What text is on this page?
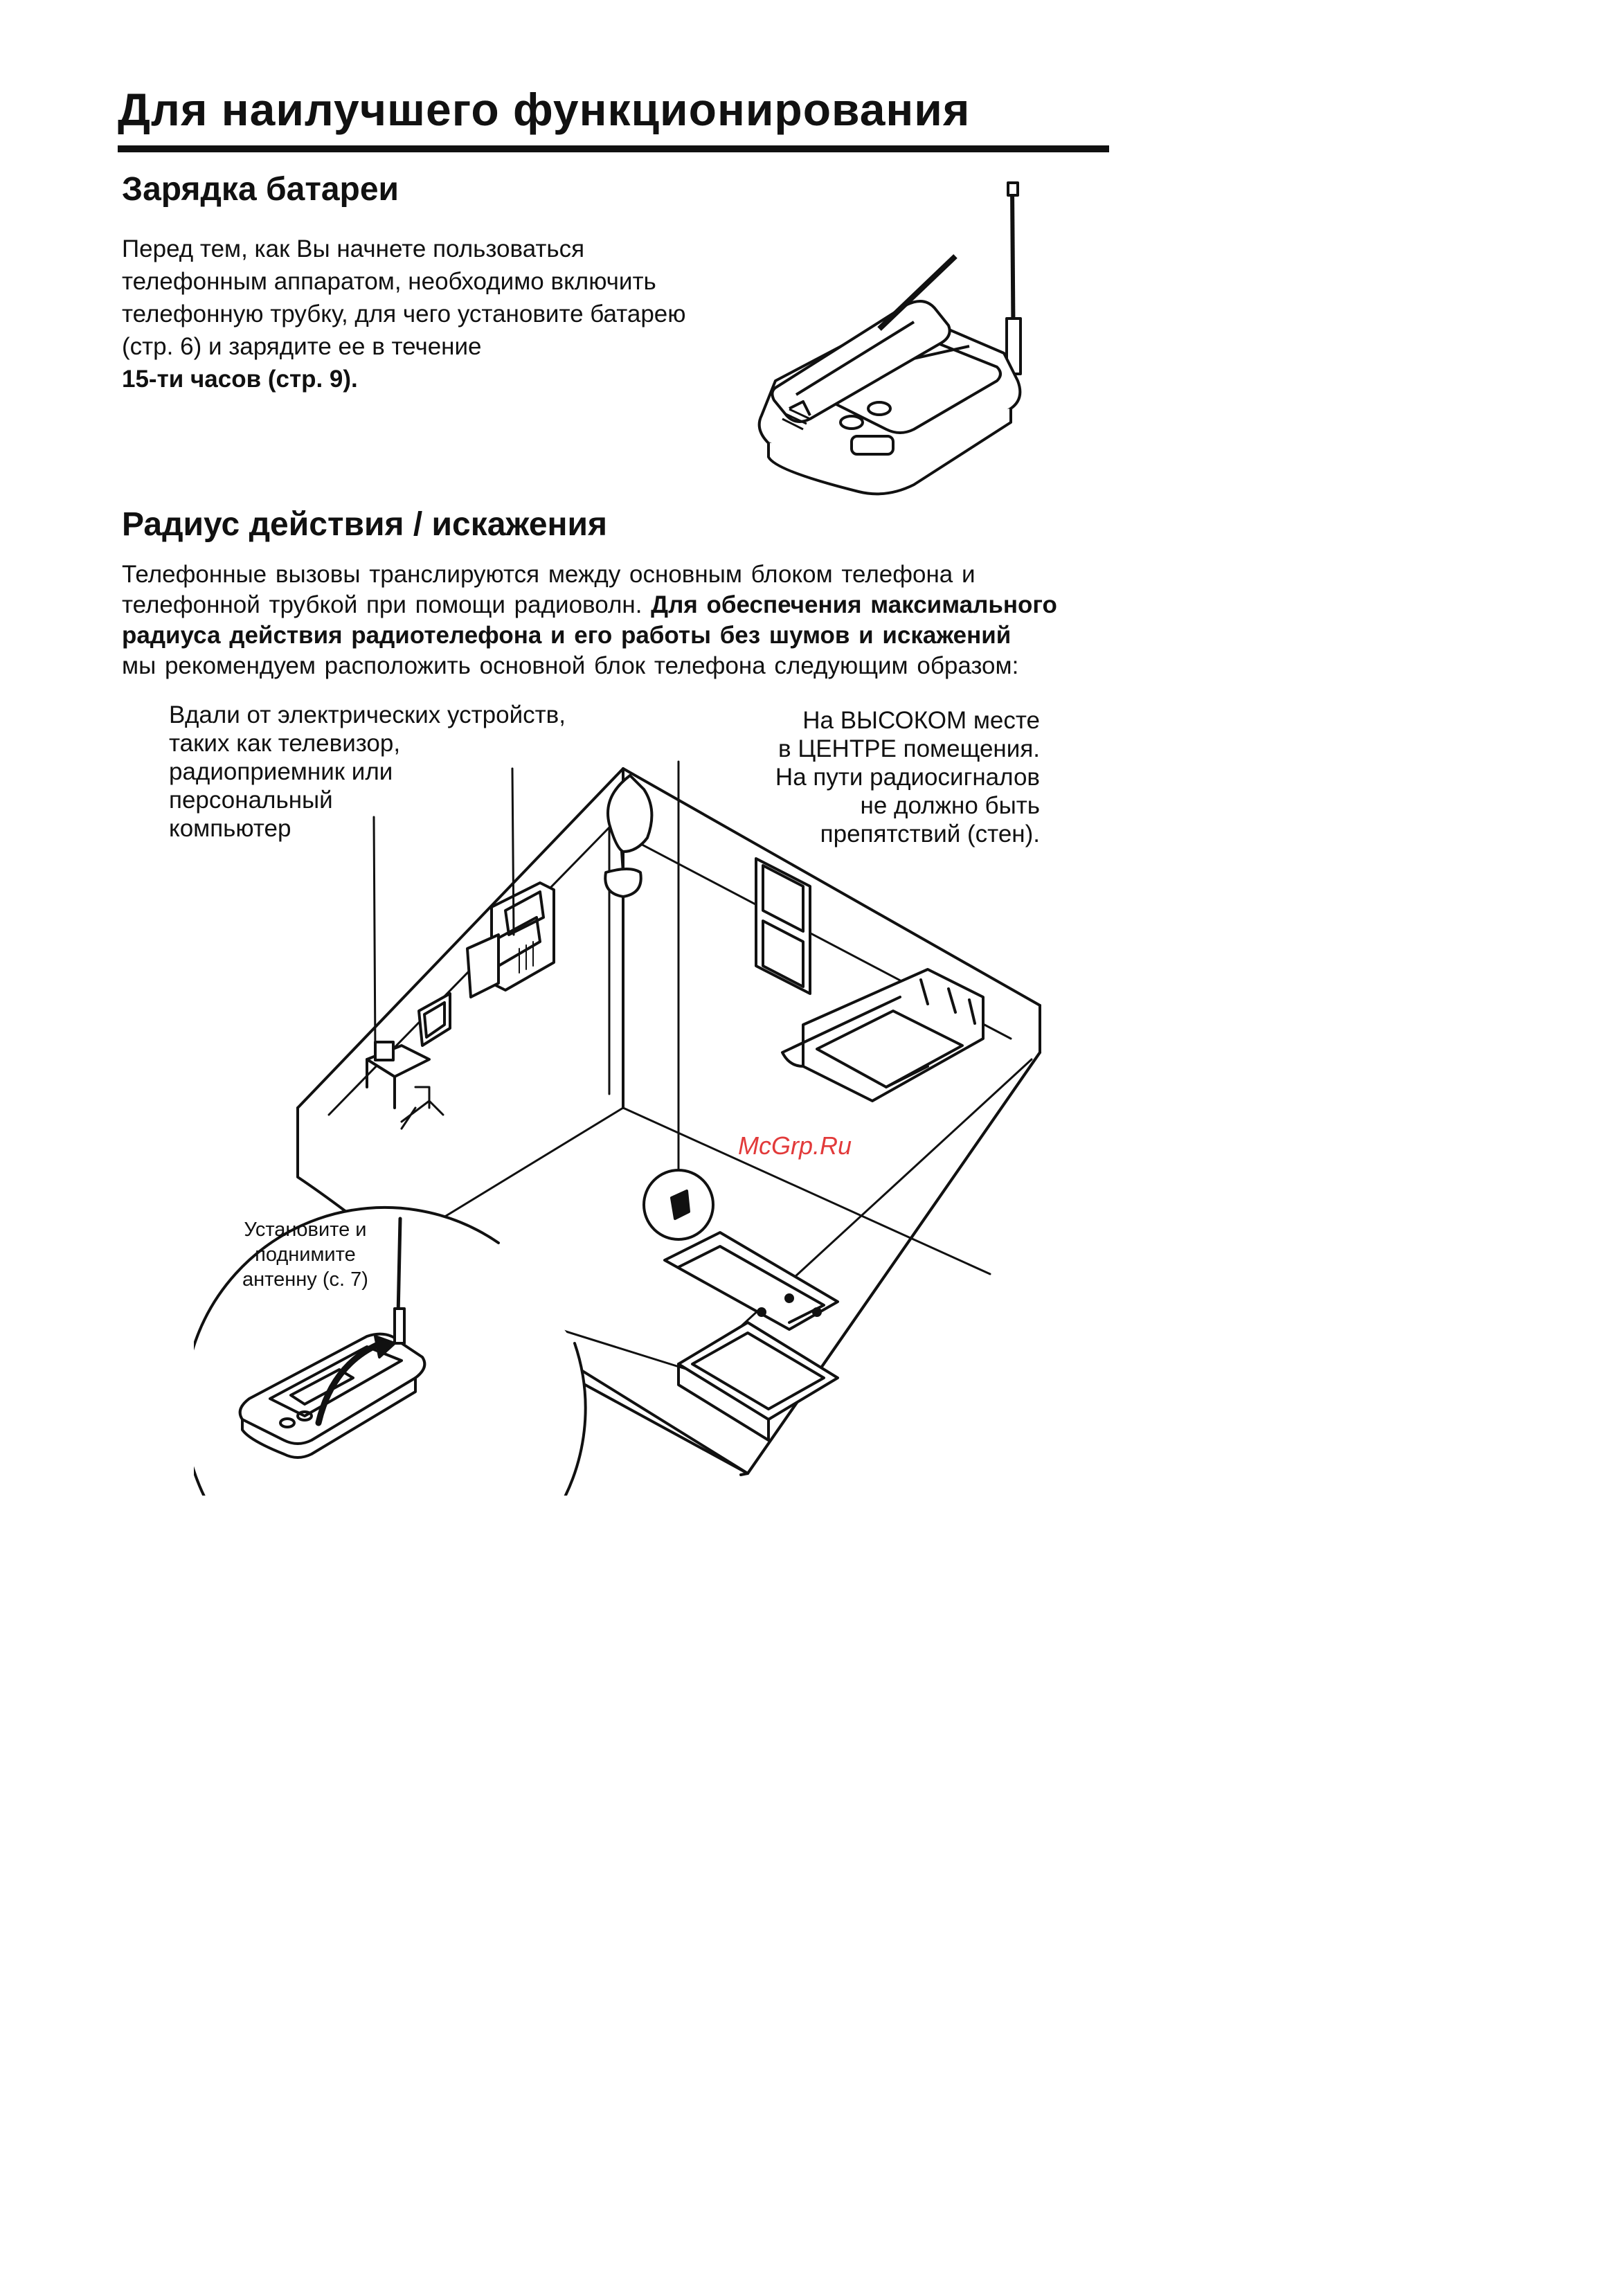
Для наилучшего функционирования
Зарядка батареи
Перед тем, как Вы начнете пользоваться
телефонным аппаратом, необходимо включить
телефонную трубку, для чего установите батарею
(стр. 6) и зарядите ее в течение
15-ти часов (стр. 9).
Радиус действия / искажения
Телефонные вызовы транслируются между основным блоком телефона и
телефонной трубкой при помощи радиоволн. Для обеспечения максимального
радиуса действия радиотелефона и его работы без шумов и искажений
мы рекомендуем расположить основной блок телефона следующим образом:
Вдали от электрических устройств,
таких как телевизор,
радиоприемник или
персональный
компьютер
На ВЫСОКОМ месте
в ЦЕНТРЕ помещения.
На пути радиосигналов
не должно быть
препятствий (стен).
Установите и
поднимите
антенну (с. 7)
McGrp.Ru
